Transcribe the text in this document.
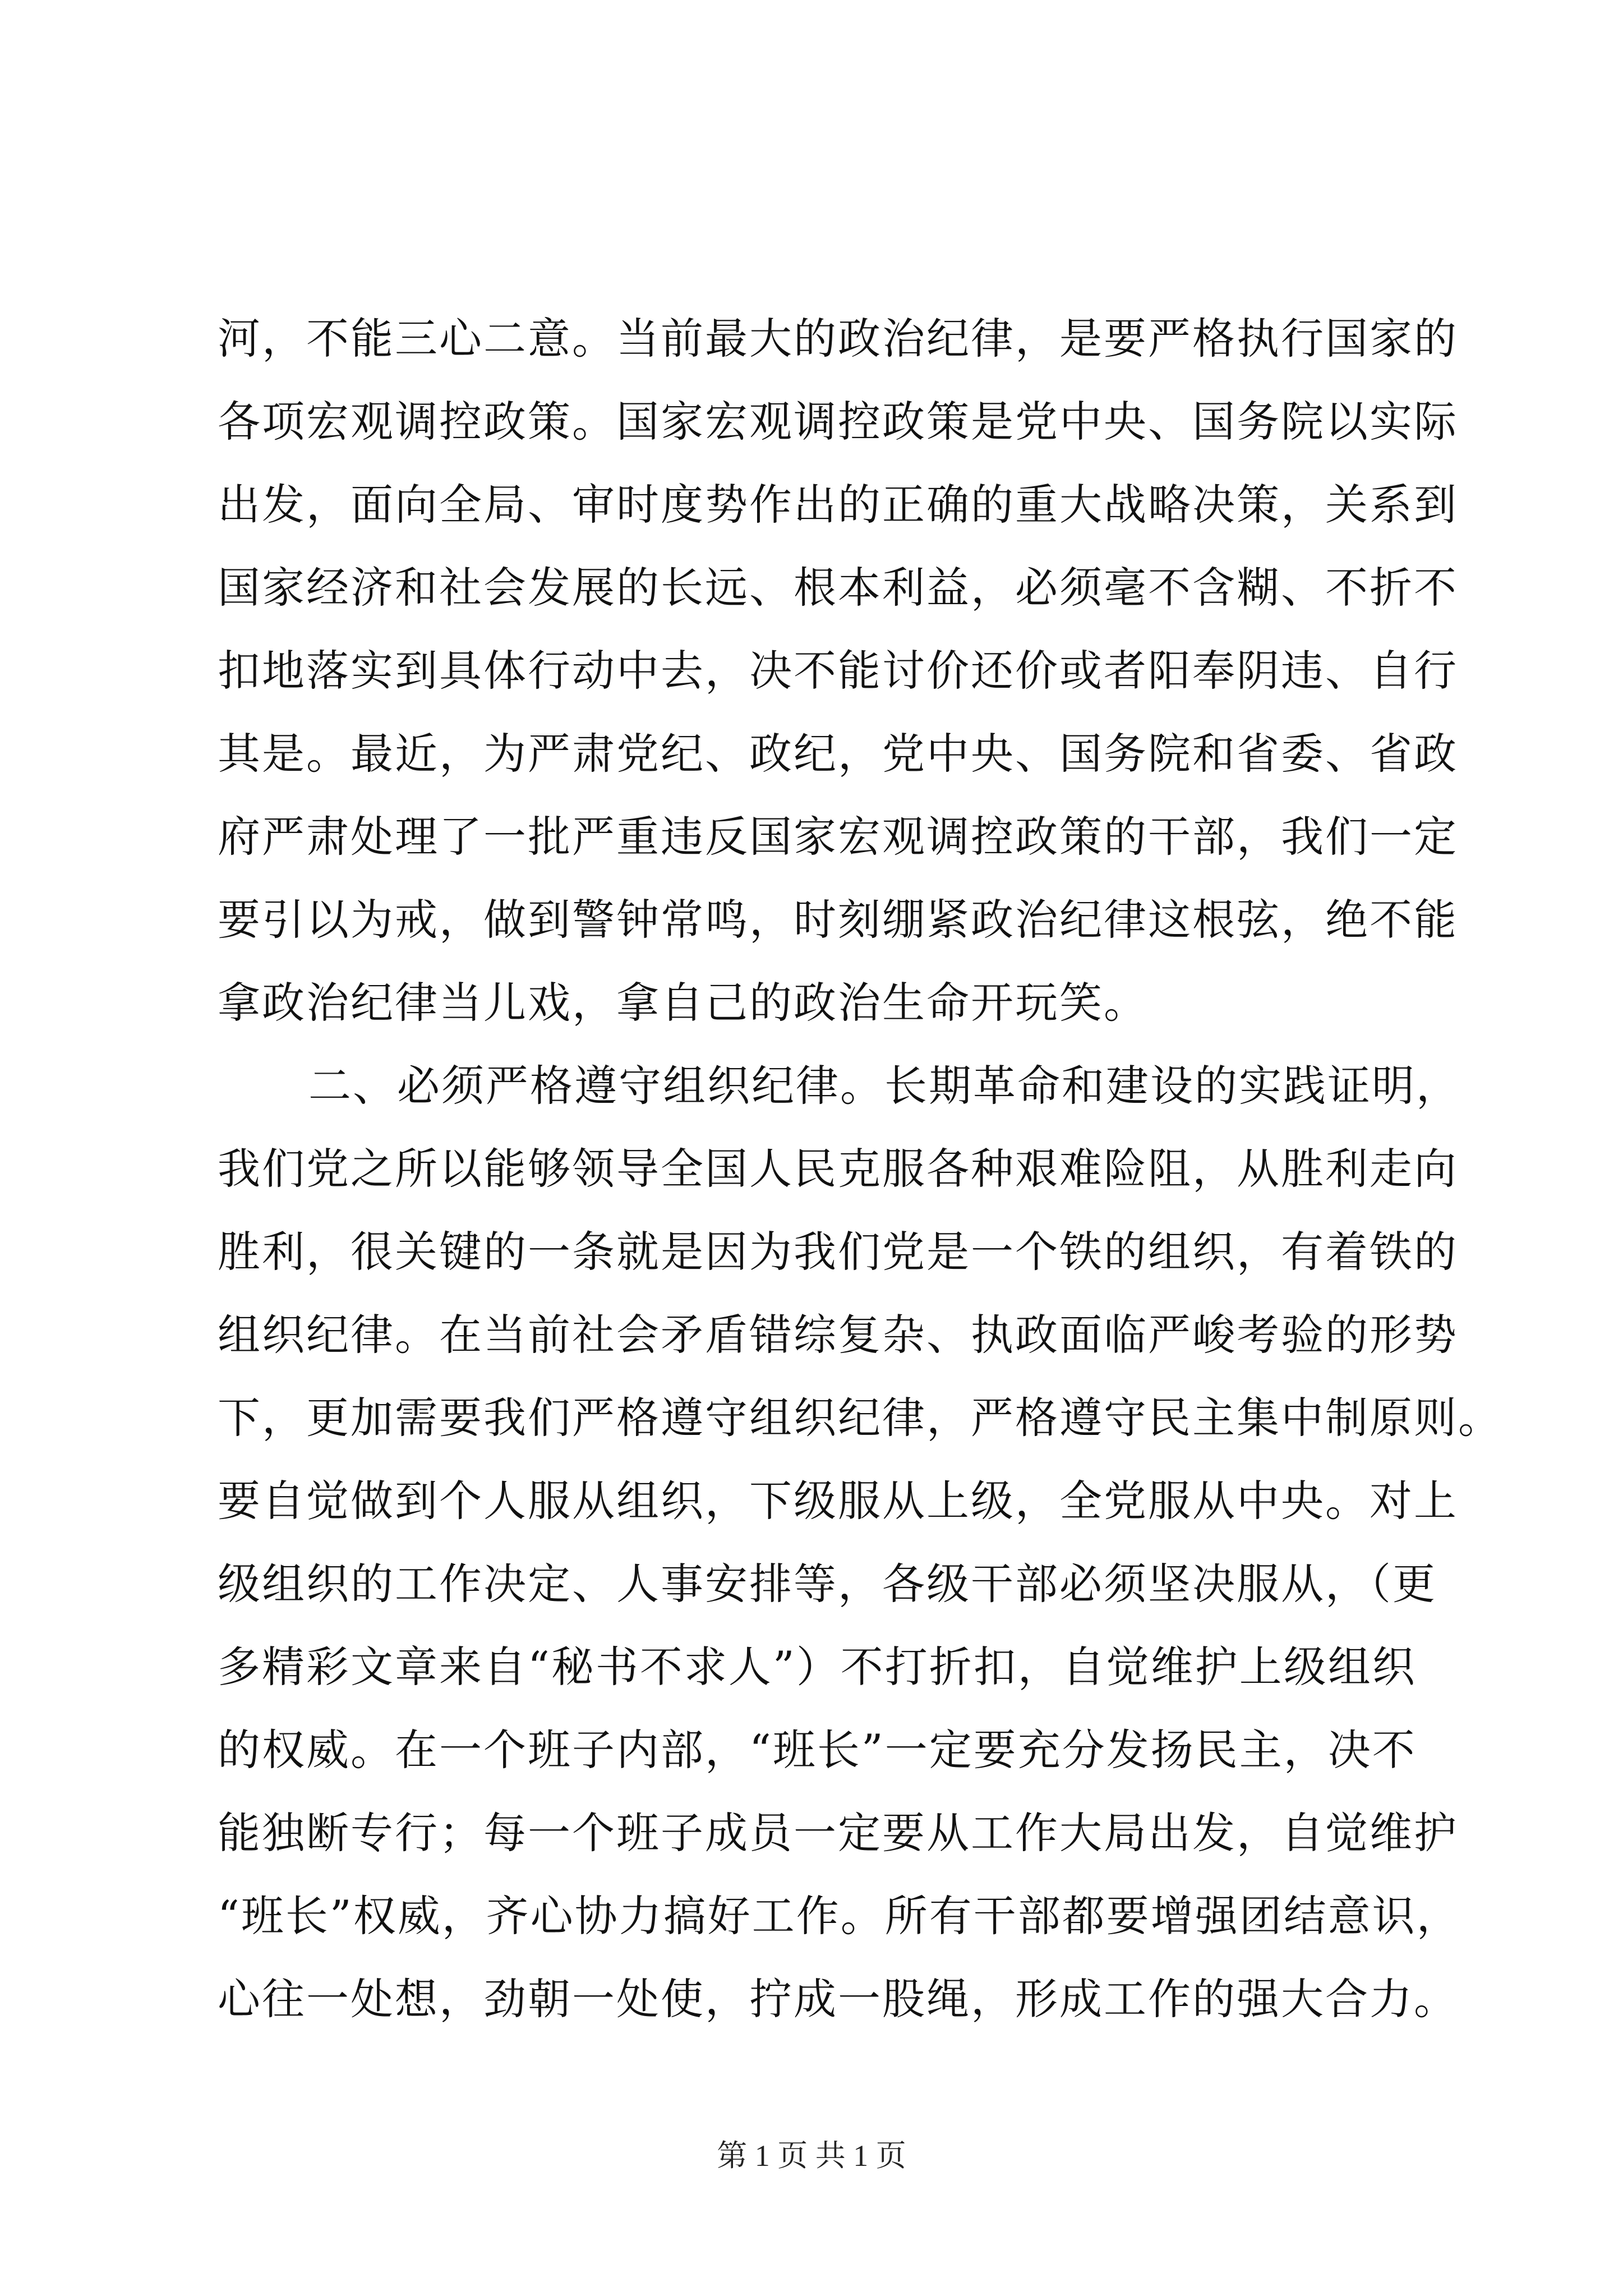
河，不能三心二意。当前最大的政治纪律，是要严格执行国家的
各项宏观调控政策。国家宏观调控政策是党中央、国务院以实际
出发，面向全局、审时度势作出的正确的重大战略决策，关系到
国家经济和社会发展的长远、根本利益，必须毫不含糊、不折不
扣地落实到具体行动中去，决不能讨价还价或者阳奉阴违、自行
其是。最近，为严肃党纪、政纪，党中央、国务院和省委、省政
府严肃处理了一批严重违反国家宏观调控政策的干部，我们一定
要引以为戒，做到警钟常鸣，时刻绷紧政治纪律这根弦，绝不能
拿政治纪律当儿戏，拿自己的政治生命开玩笑。
二、必须严格遵守组织纪律。长期革命和建设的实践证明，
我们党之所以能够领导全国人民克服各种艰难险阻，从胜利走向
胜利，很关键的一条就是因为我们党是一个铁的组织，有着铁的
组织纪律。在当前社会矛盾错综复杂、执政面临严峻考验的形势
下，更加需要我们严格遵守组织纪律，严格遵守民主集中制原则。
要自觉做到个人服从组织，下级服从上级，全党服从中央。对上
级组织的工作决定、人事安排等，各级干部必须坚决服从，（更
多精彩文章来自“秘书不求人”）不打折扣，自觉维护上级组织
的权威。在一个班子内部，“班长”一定要充分发扬民主，决不
能独断专行；每一个班子成员一定要从工作大局出发，自觉维护
“班长”权威，齐心协力搞好工作。所有干部都要增强团结意识，
心往一处想，劲朝一处使，拧成一股绳，形成工作的强大合力。
第 1 页 共 1 页
